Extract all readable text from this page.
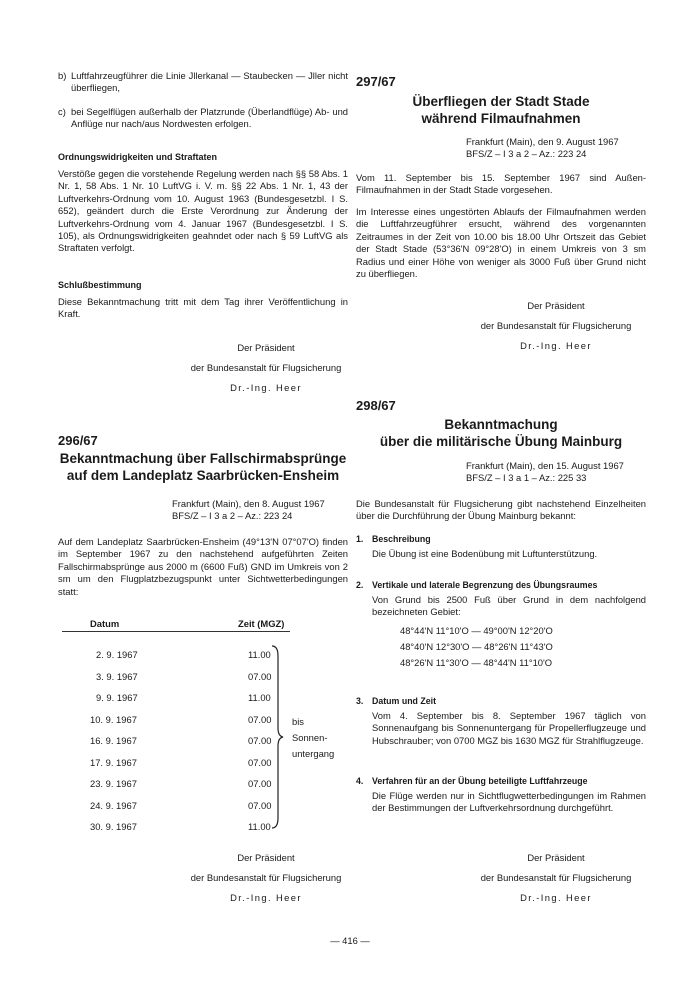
b) Luftfahrzeugführer die Linie Jllerkanal — Staubecken — Jller nicht überfliegen,

c) bei Segelflügen außerhalb der Platzrunde (Überlandflüge) Ab- und Anflüge nur nach/aus Nordwesten erfolgen.

Ordnungswidrigkeiten und Straftaten

Verstöße gegen die vorstehende Regelung werden nach §§ 58 Abs. 1 Nr. 1, 58 Abs. 1 Nr. 10 LuftVG i. V. m. §§ 22 Abs. 1 Nr. 1, 43 der Luftverkehrs-Ordnung vom 10. August 1963 (Bundesgesetzbl. I S. 652), geändert durch die Erste Verordnung zur Änderung der Luftverkehrs-Ordnung vom 4. Januar 1967 (Bundesgesetzbl. I S. 105), als Ordnungswidrigkeiten geahndet oder nach § 59 LuftVG als Straftaten verfolgt.

Schlußbestimmung

Diese Bekanntmachung tritt mit dem Tag ihrer Veröffentlichung in Kraft.

Der Präsident

der Bundesanstalt für Flugsicherung

Dr.-Ing. Heer

296/67

Bekanntmachung über Fallschirmabsprünge

auf dem Landeplatz Saarbrücken-Ensheim

Frankfurt (Main), den 8. August 1967

BFS/Z – I 3 a 2 – Az.: 223 24

Auf dem Landeplatz Saarbrücken-Ensheim (49°13'N 07°07'O) finden im September 1967 zu den nachstehend aufgeführten Zeiten Fallschirmabsprünge aus 2000 m (6600 Fuß) GND im Umkreis von 2 sm um den Flugplatzbezugspunkt unter Sichtwetterbedingungen statt:

Datum	Zeit (MGZ)
2. 9. 1967	11.00
3. 9. 1967	07.00
9. 9. 1967	11.00
10. 9. 1967	07.00
16. 9. 1967	07.00
17. 9. 1967	07.00
23. 9. 1967	07.00
24. 9. 1967	07.00
30. 9. 1967	11.00
bis
Sonnen-
untergang

Der Präsident

der Bundesanstalt für Flugsicherung

Dr.-Ing. Heer

297/67

Überfliegen der Stadt Stade

während Filmaufnahmen

Frankfurt (Main), den 9. August 1967

BFS/Z – I 3 a 2 – Az.: 223 24

Vom 11. September bis 15. September 1967 sind Außen-Filmaufnahmen in der Stadt Stade vorgesehen.

Im Interesse eines ungestörten Ablaufs der Filmaufnahmen werden die Luftfahrzeugführer ersucht, während des vorgenannten Zeitraumes in der Zeit von 10.00 bis 18.00 Uhr Ortszeit das Gebiet der Stadt Stade (53°36'N 09°28'O) in einem Umkreis von 3 sm Radius und einer Höhe von weniger als 3000 Fuß über Grund nicht zu überfliegen.

Der Präsident

der Bundesanstalt für Flugsicherung

Dr.-Ing. Heer

298/67

Bekanntmachung

über die militärische Übung Mainburg

Frankfurt (Main), den 15. August 1967

BFS/Z – I 3 a 1 – Az.: 225 33

Die Bundesanstalt für Flugsicherung gibt nachstehend Einzelheiten über die Durchführung der Übung Mainburg bekannt:

1. Beschreibung

Die Übung ist eine Bodenübung mit Luftunterstützung.

2. Vertikale und laterale Begrenzung des Übungsraumes

Von Grund bis 2500 Fuß über Grund in dem nachfolgend bezeichneten Gebiet:

48°44'N 11°10'O — 49°00'N 12°20'O

48°40'N 12°30'O — 48°26'N 11°43'O

48°26'N 11°30'O — 48°44'N 11°10'O

3. Datum und Zeit

Vom 4. September bis 8. September 1967 täglich von Sonnenaufgang bis Sonnenuntergang für Propellerflugzeuge und Hubschrauber; von 0700 MGZ bis 1630 MGZ für Strahlflugzeuge.

4. Verfahren für an der Übung beteiligte Luftfahrzeuge

Die Flüge werden nur in Sichtflugwetterbedingungen im Rahmen der Bestimmungen der Luftverkehrsordnung durchgeführt.

Der Präsident

der Bundesanstalt für Flugsicherung

Dr.-Ing. Heer

— 416 —
